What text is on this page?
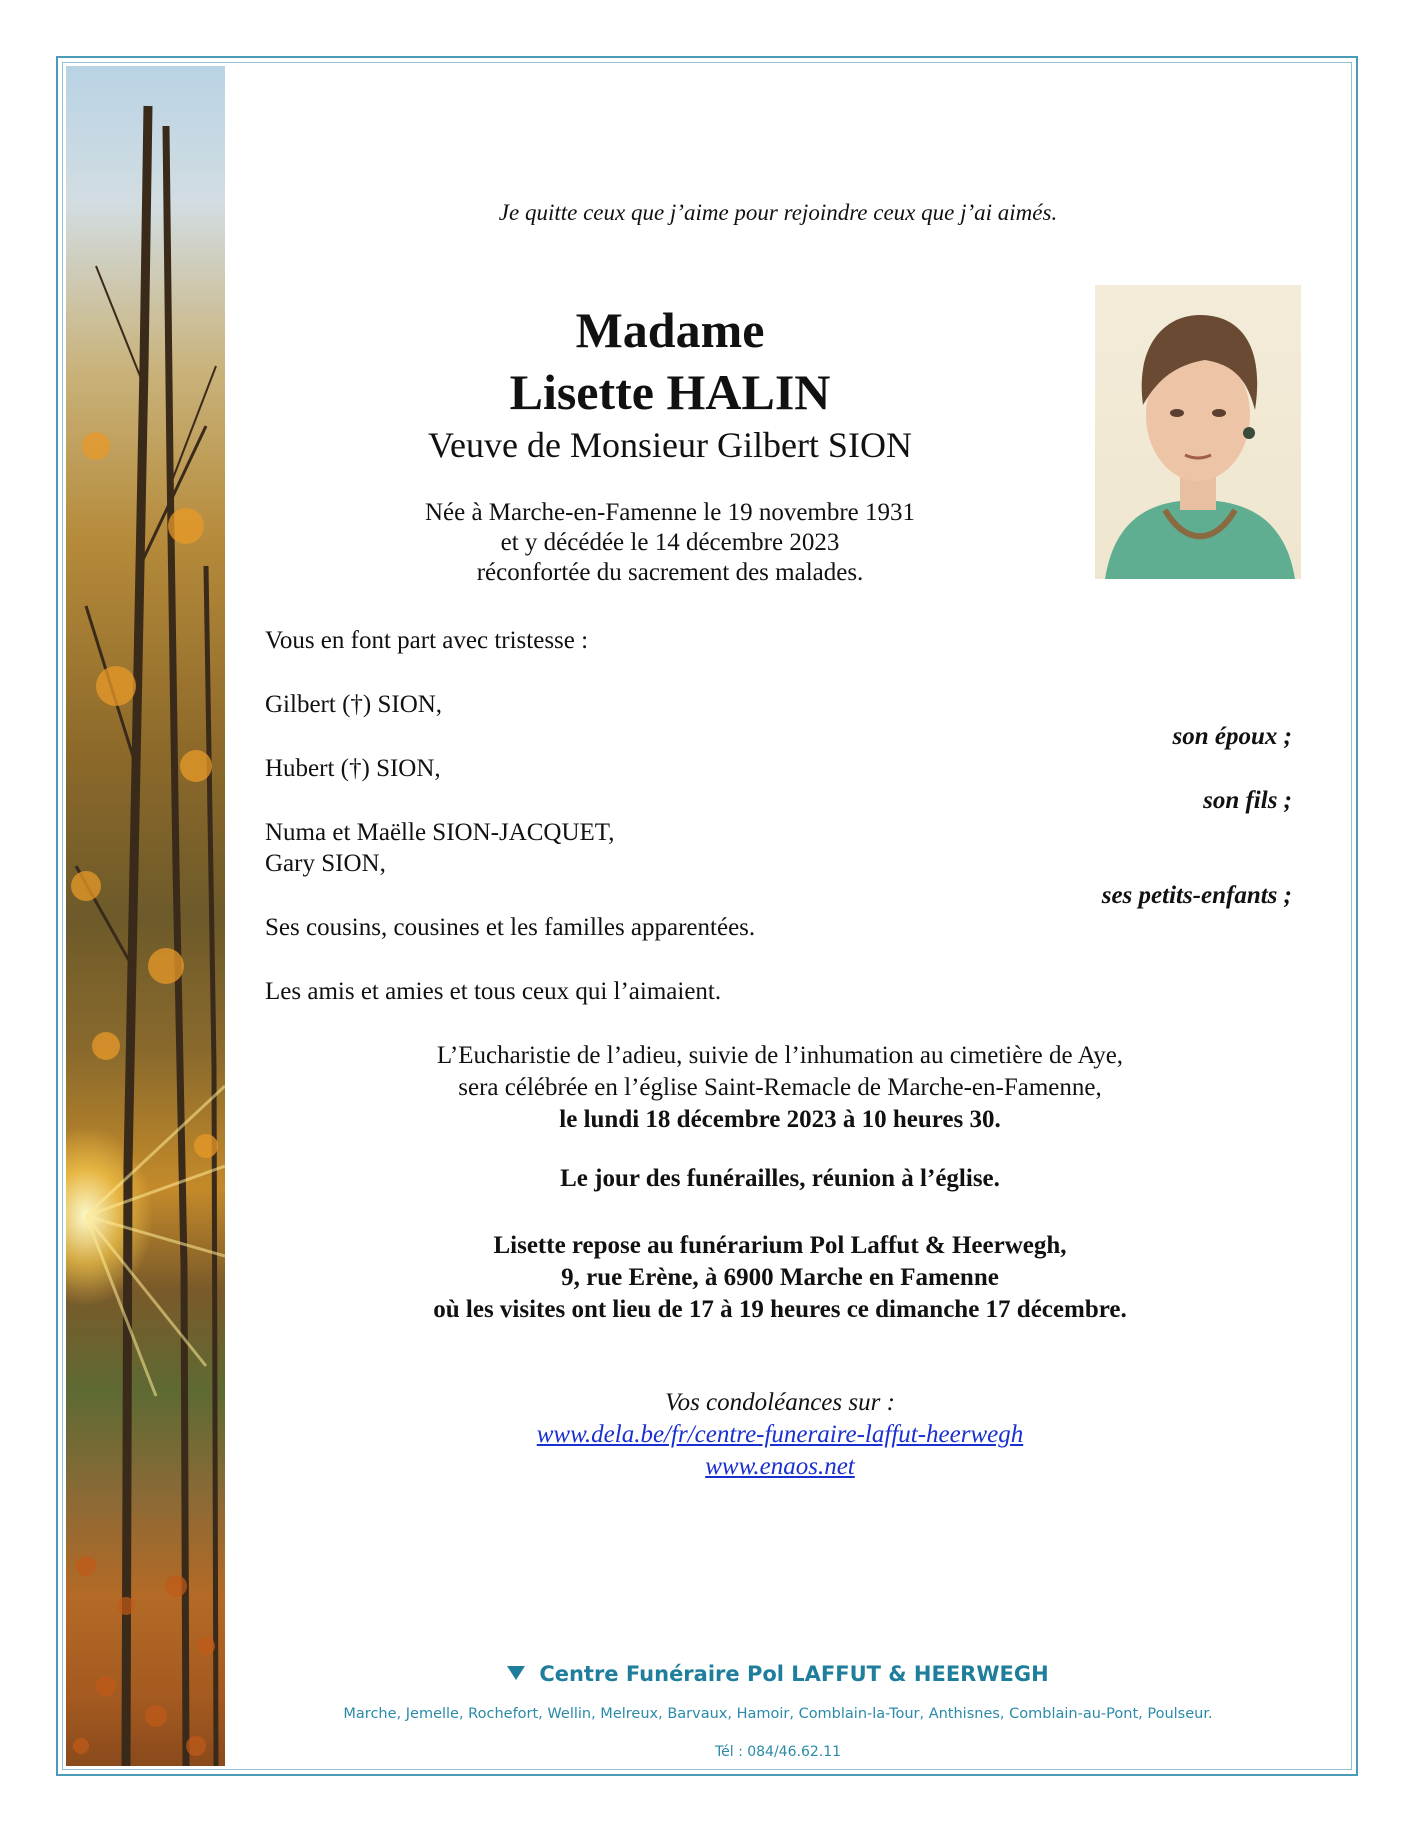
Je quitte ceux que j’aime pour rejoindre ceux que j’ai aimés.
Madame
Lisette HALIN
Veuve de Monsieur Gilbert SION
Née à Marche-en-Famenne le 19 novembre 1931
et y décédée le 14 décembre 2023
réconfortée du sacrement des malades.
Vous en font part avec tristesse :
Gilbert (†) SION,
son époux ;
Hubert (†) SION,
son fils ;
Numa et Maëlle SION-JACQUET,
Gary SION,
ses petits-enfants ;
Ses cousins, cousines et les familles apparentées.
Les amis et amies et tous ceux qui l’aimaient.
L’Eucharistie de l’adieu, suivie de l’inhumation au cimetière de Aye,
sera célébrée en l’église Saint-Remacle de Marche-en-Famenne,
le lundi 18 décembre 2023 à 10 heures 30.
Le jour des funérailles, réunion à l’église.
Lisette repose au funérarium Pol Laffut & Heerwegh,
9, rue Erène, à 6900 Marche en Famenne
où les visites ont lieu de 17 à 19 heures ce dimanche 17 décembre.
Vos condoléances sur :
www.dela.be/fr/centre-funeraire-laffut-heerwegh
www.enaos.net
Centre Funéraire Pol LAFFUT & HEERWEGH
Marche, Jemelle, Rochefort, Wellin, Melreux, Barvaux, Hamoir, Comblain-la-Tour, Anthisnes, Comblain-au-Pont, Poulseur.
Tél : 084/46.62.11
